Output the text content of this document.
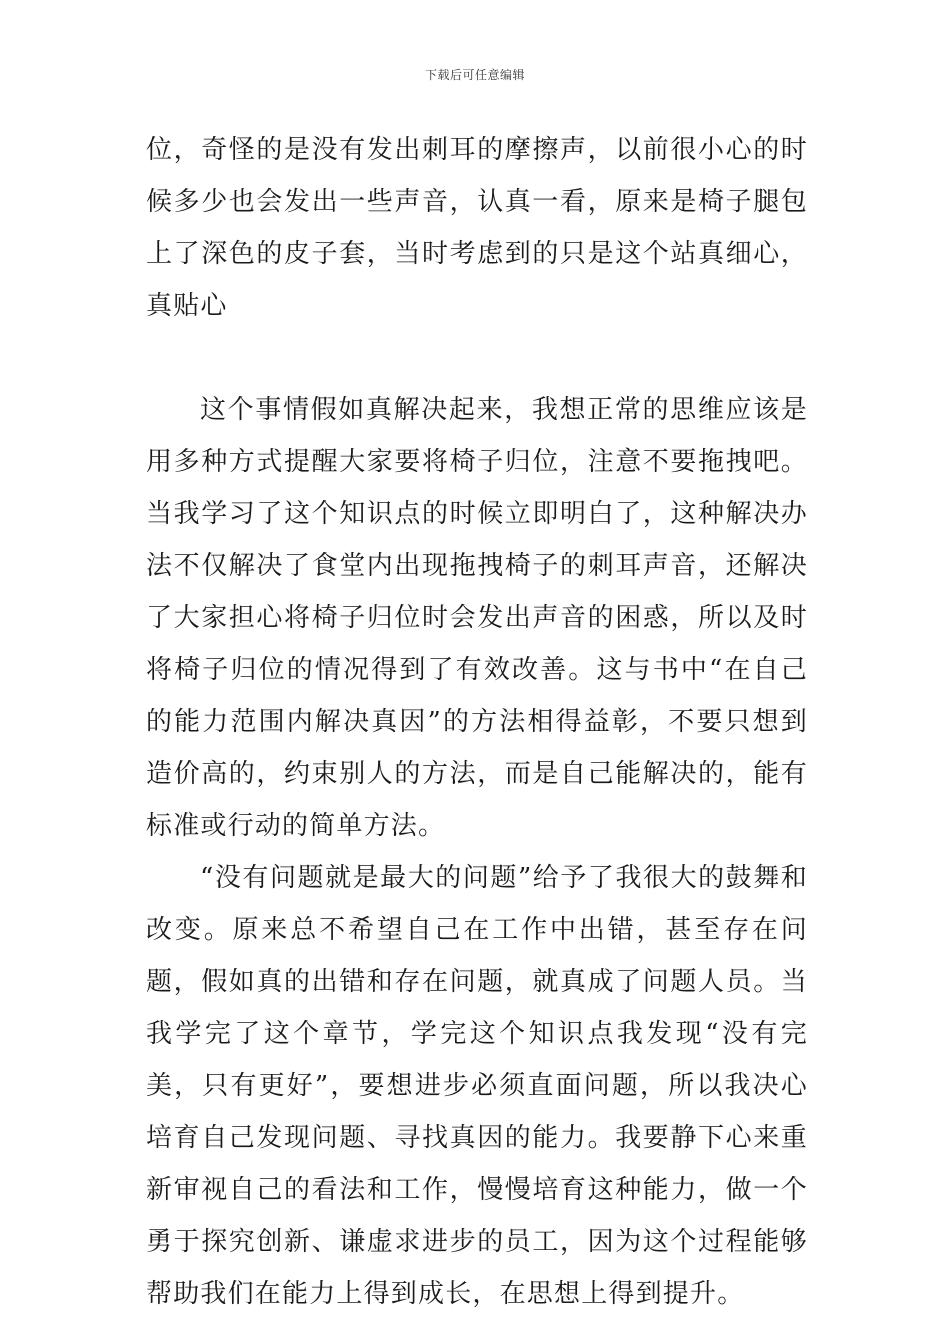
下载后可任意编辑

位，奇怪的是没有发出刺耳的摩擦声，以前很小心的时候多少也会发出一些声音，认真一看，原来是椅子腿包上了深色的皮子套，当时考虑到的只是这个站真细心，真贴心

这个事情假如真解决起来，我想正常的思维应该是用多种方式提醒大家要将椅子归位，注意不要拖拽吧。当我学习了这个知识点的时候立即明白了，这种解决办法不仅解决了食堂内出现拖拽椅子的刺耳声音，还解决了大家担心将椅子归位时会发出声音的困惑，所以及时将椅子归位的情况得到了有效改善。这与书中“在自己的能力范围内解决真因”的方法相得益彰，不要只想到造价高的，约束别人的方法，而是自己能解决的，能有标准或行动的简单方法。

“没有问题就是最大的问题”给予了我很大的鼓舞和改变。原来总不希望自己在工作中出错，甚至存在问题，假如真的出错和存在问题，就真成了问题人员。当我学完了这个章节，学完这个知识点我发现“没有完美，只有更好”，要想进步必须直面问题，所以我决心培育自己发现问题、寻找真因的能力。我要静下心来重新审视自己的看法和工作，慢慢培育这种能力，做一个勇于探究创新、谦虚求进步的员工，因为这个过程能够帮助我们在能力上得到成长，在思想上得到提升。
